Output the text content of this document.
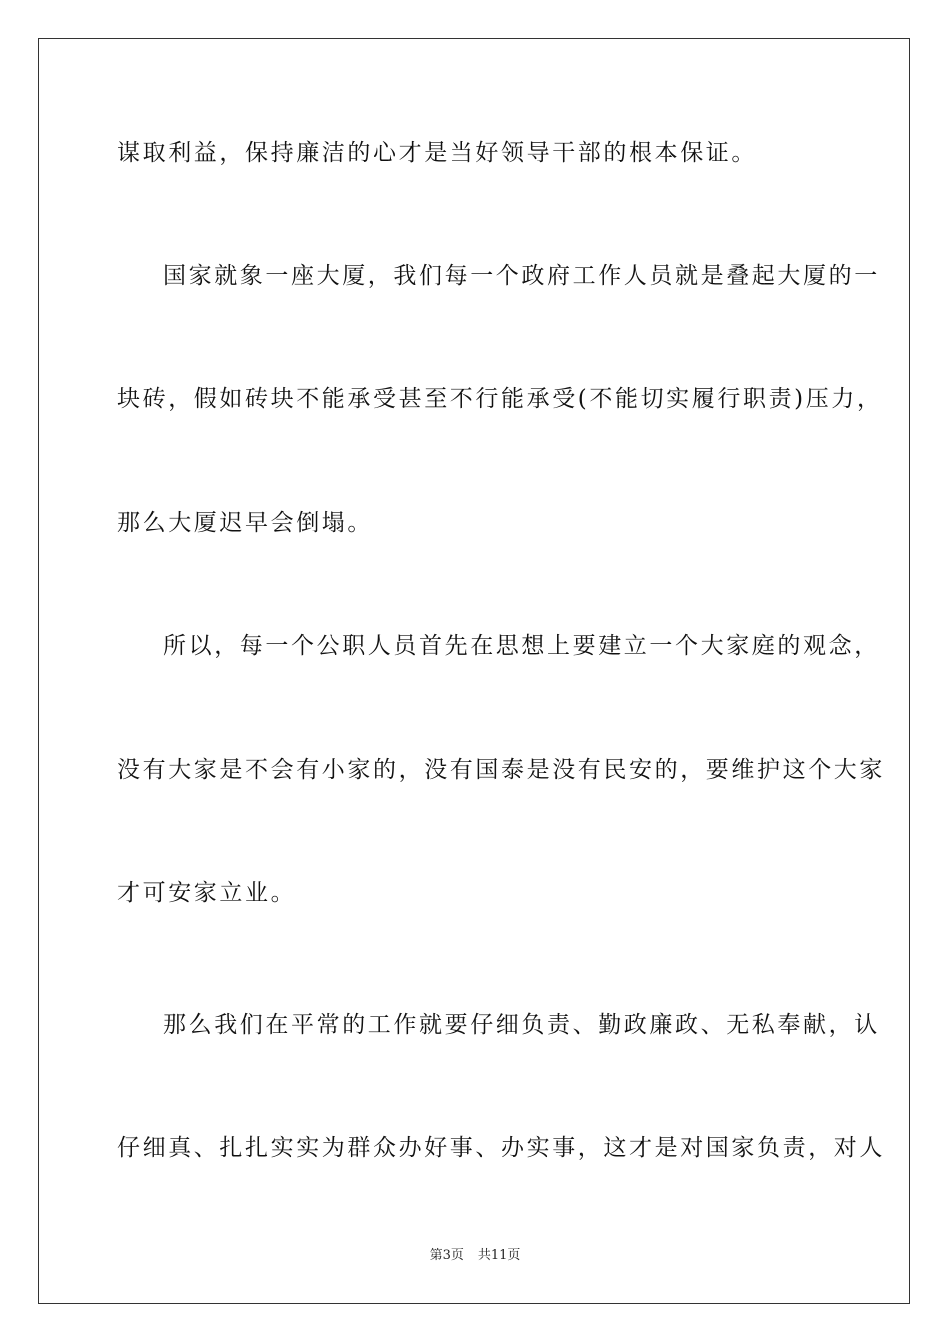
谋取利益，保持廉洁的心才是当好领导干部的根本保证。
国家就象一座大厦，我们每一个政府工作人员就是叠起大厦的一
块砖，假如砖块不能承受甚至不行能承受(不能切实履行职责)压力，
那么大厦迟早会倒塌。
所以，每一个公职人员首先在思想上要建立一个大家庭的观念，
没有大家是不会有小家的，没有国泰是没有民安的，要维护这个大家
才可安家立业。
那么我们在平常的工作就要仔细负责、勤政廉政、无私奉献，认
仔细真、扎扎实实为群众办好事、办实事，这才是对国家负责，对人
第3页 共11页
